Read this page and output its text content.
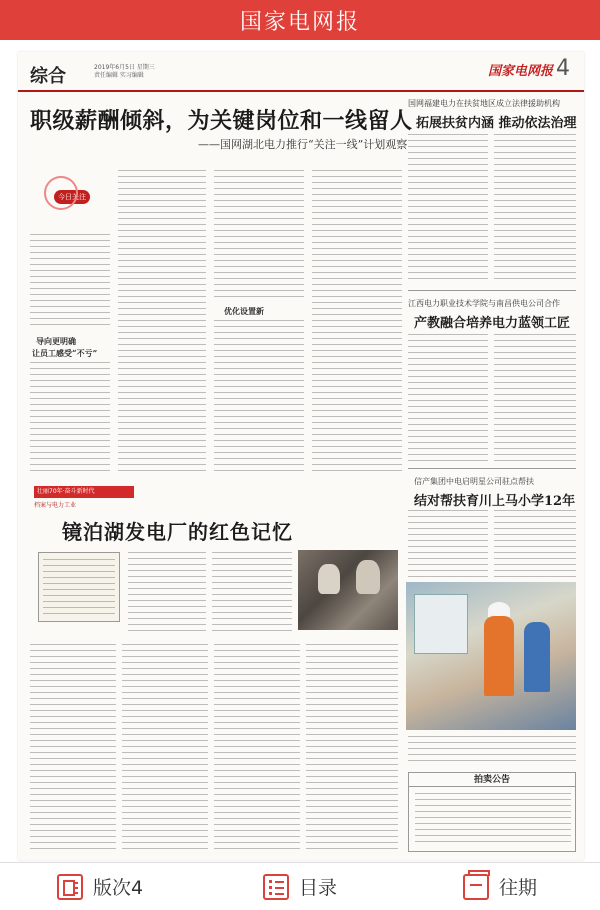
国家电网报
综合	2019年6月5日 星期三
责任编辑 实习编辑	国家电网报 4
职级薪酬倾斜，为关键岗位和一线留人
——国网湖北电力推行“关注一线”计划观察
今日关注
导向更明确
让员工感受“不亏”
优化设置新
国网福建电力在扶贫地区成立法律援助机构
拓展扶贫内涵 推动依法治理
江西电力职业技术学院与南昌供电公司合作
产教融合培养电力蓝领工匠
信产集团中电启明星公司驻点帮扶
结对帮扶育川上马小学12年
壮丽70年·奋斗新时代
档案与电力工业
镜泊湖发电厂的红色记忆
拍卖公告
版次4	目录	往期
